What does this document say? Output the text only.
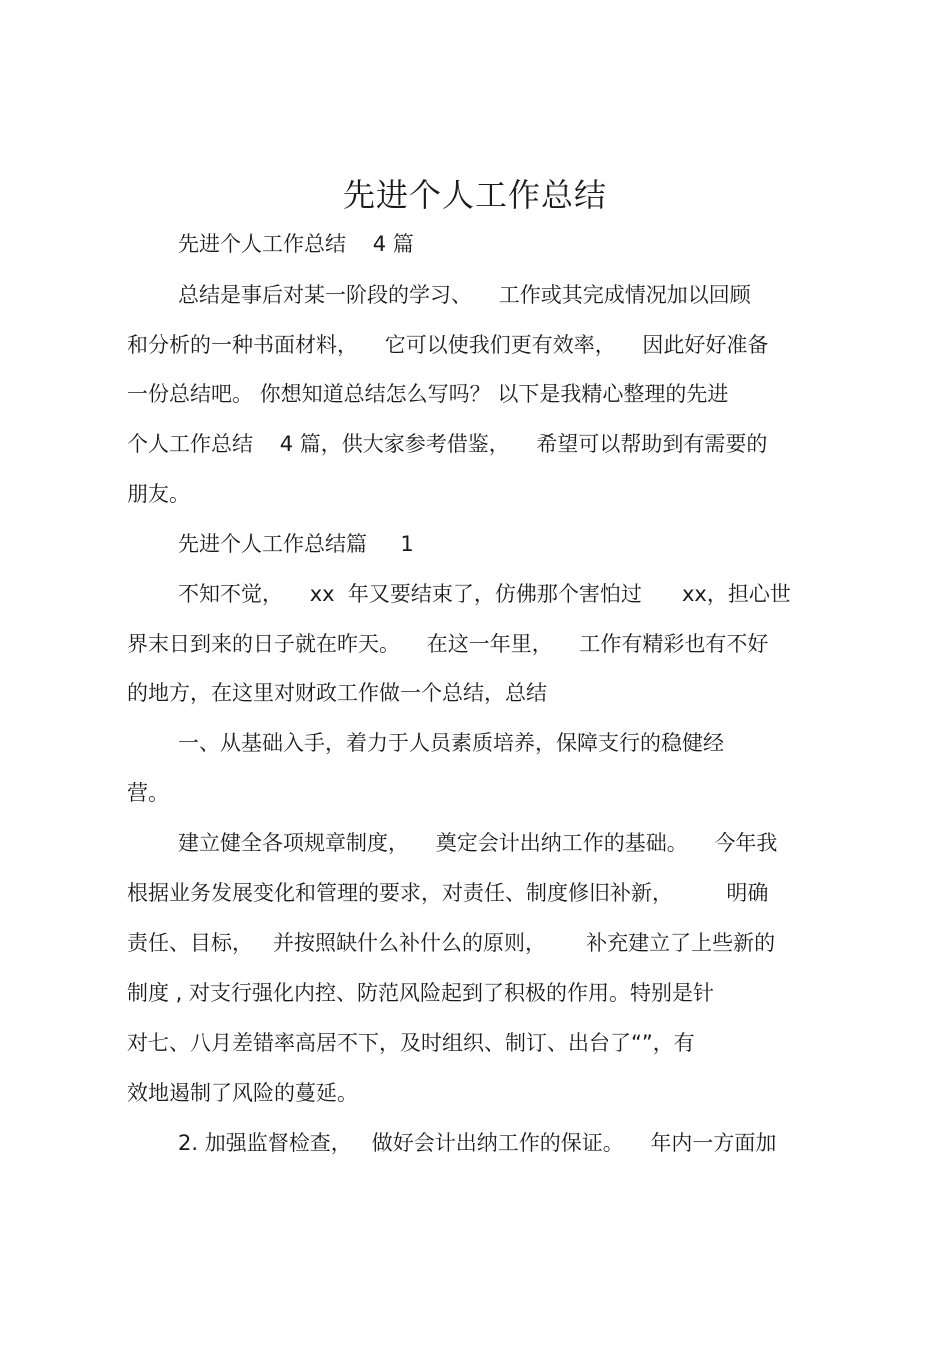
先进个人工作总结
先进个人工作总结    4 篇
总结是事后对某一阶段的学习、    工作或其完成情况加以回顾
和分析的一种书面材料，    它可以使我们更有效率，    因此好好准备
一份总结吧。 你想知道总结怎么写吗？ 以下是我精心整理的先进
个人工作总结    4 篇，供大家参考借鉴，    希望可以帮助到有需要的
朋友。
先进个人工作总结篇     1
不知不觉，    xx  年又要结束了，仿佛那个害怕过      xx，担心世
界末日到来的日子就在昨天。    在这一年里，    工作有精彩也有不好
的地方，在这里对财政工作做一个总结，总结
一、从基础入手，着力于人员素质培养，保障支行的稳健经
营。
建立健全各项规章制度，    奠定会计出纳工作的基础。    今年我
根据业务发展变化和管理的要求，对责任、制度修旧补新，        明确
责任、目标，   并按照缺什么补什么的原则，      补充建立了上些新的
制度 , 对支行强化内控、防范风险起到了积极的作用。特别是针
对七、八月差错率高居不下，及时组织、制订、出台了“”，有
效地遏制了风险的蔓延。
2. 加强监督检查，   做好会计出纳工作的保证。    年内一方面加
